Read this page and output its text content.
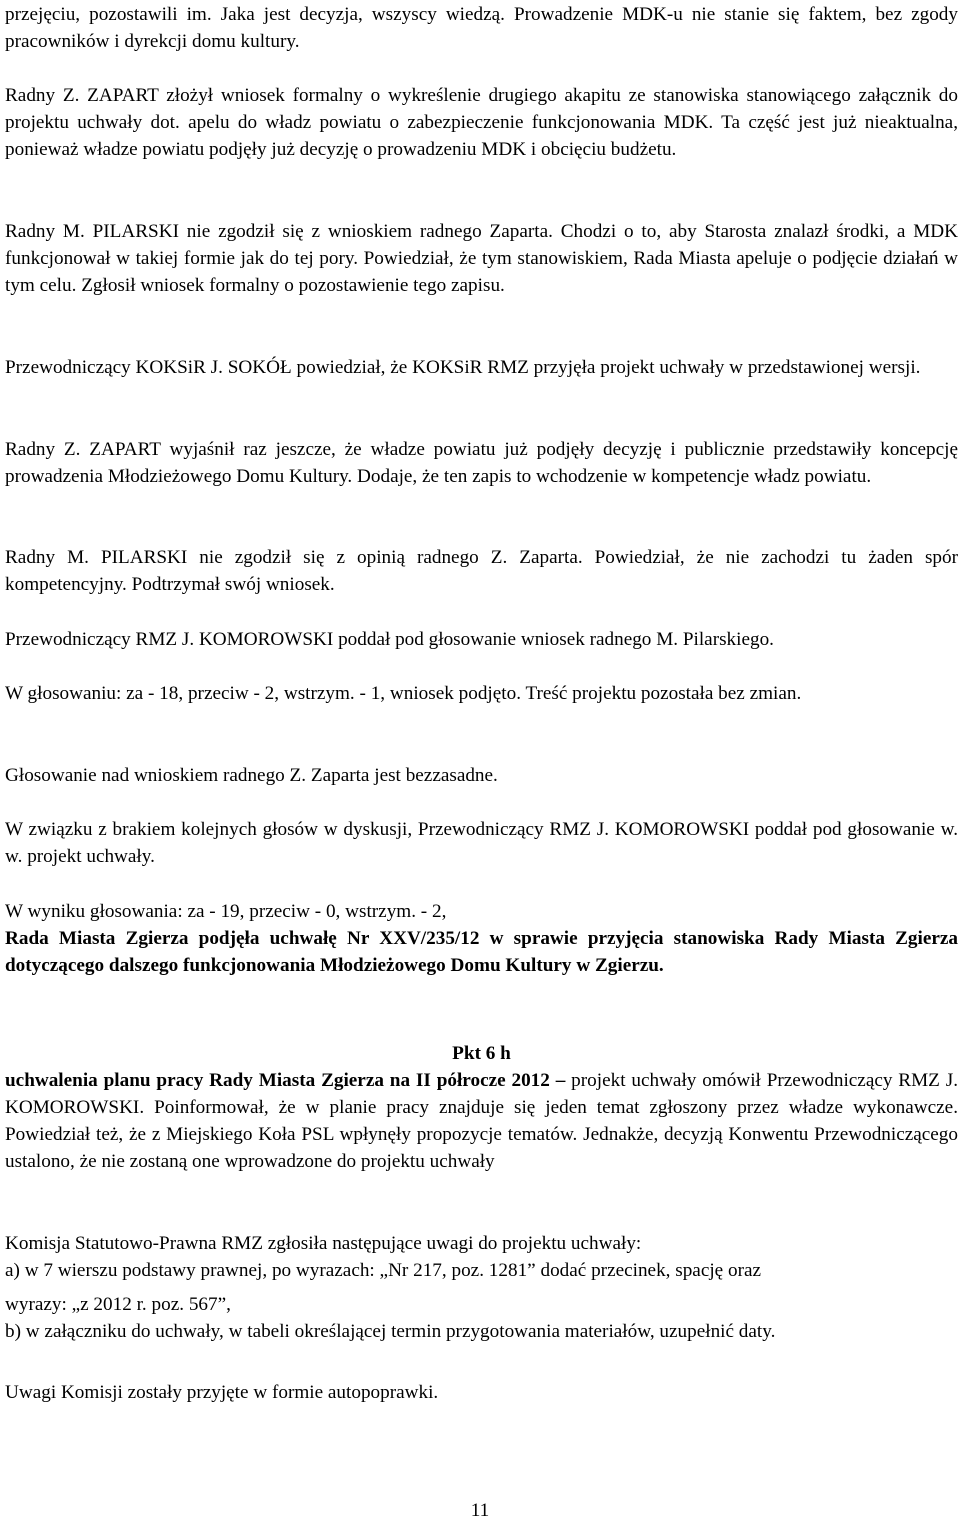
przejęciu, pozostawili im. Jaka jest decyzja, wszyscy wiedzą. Prowadzenie MDK-u nie stanie się faktem, bez zgody pracowników i dyrekcji domu kultury.

Radny Z. ZAPART złożył wniosek formalny o wykreślenie drugiego akapitu ze stanowiska stanowiącego załącznik do projektu uchwały dot. apelu do władz powiatu o zabezpieczenie funkcjonowania MDK. Ta część jest już nieaktualna, ponieważ władze powiatu podjęły już decyzję o prowadzeniu MDK i obcięciu budżetu.

Radny M. PILARSKI nie zgodził się z wnioskiem radnego Zaparta. Chodzi o to, aby Starosta znalazł środki, a MDK funkcjonował w takiej formie jak do tej pory. Powiedział, że tym stanowiskiem, Rada Miasta apeluje o podjęcie działań w tym celu. Zgłosił wniosek formalny o pozostawienie tego zapisu.

Przewodniczący KOKSiR J. SOKÓŁ powiedział, że KOKSiR RMZ przyjęła projekt uchwały w przedstawionej wersji.

Radny Z. ZAPART wyjaśnił raz jeszcze, że władze powiatu już podjęły decyzję i publicznie przedstawiły koncepcję prowadzenia Młodzieżowego Domu Kultury. Dodaje, że ten zapis to wchodzenie w kompetencje władz powiatu.

Radny M. PILARSKI nie zgodził się z opinią radnego Z. Zaparta. Powiedział, że nie zachodzi tu żaden spór kompetencyjny. Podtrzymał swój wniosek.

Przewodniczący RMZ J. KOMOROWSKI poddał pod głosowanie wniosek radnego M. Pilarskiego.

W głosowaniu: za - 18, przeciw - 2, wstrzym. - 1, wniosek podjęto. Treść projektu pozostała bez zmian.

Głosowanie nad wnioskiem radnego Z. Zaparta jest bezzasadne.

W związku z brakiem kolejnych głosów w dyskusji, Przewodniczący RMZ J. KOMOROWSKI poddał pod głosowanie w. w. projekt uchwały.

W wyniku głosowania: za - 19, przeciw - 0, wstrzym. - 2,

Rada Miasta Zgierza podjęła uchwałę Nr XXV/235/12 w sprawie przyjęcia stanowiska Rady Miasta Zgierza dotyczącego dalszego funkcjonowania Młodzieżowego Domu Kultury w Zgierzu.

Pkt 6 h

uchwalenia planu pracy Rady Miasta Zgierza na II półrocze 2012 – projekt uchwały omówił Przewodniczący RMZ J. KOMOROWSKI. Poinformował, że w planie pracy znajduje się jeden temat zgłoszony przez władze wykonawcze. Powiedział też, że z Miejskiego Koła PSL wpłynęły propozycje tematów. Jednakże, decyzją Konwentu Przewodniczącego ustalono, że nie zostaną one wprowadzone do projektu uchwały

Komisja Statutowo-Prawna RMZ zgłosiła następujące uwagi do projektu uchwały:

a) w 7 wierszu podstawy prawnej, po wyrazach: „Nr 217, poz. 1281” dodać przecinek, spację oraz

wyrazy: „z 2012 r. poz. 567”,

b) w załączniku do uchwały, w tabeli określającej termin przygotowania materiałów, uzupełnić daty.

Uwagi Komisji zostały przyjęte w formie autopoprawki.

11
